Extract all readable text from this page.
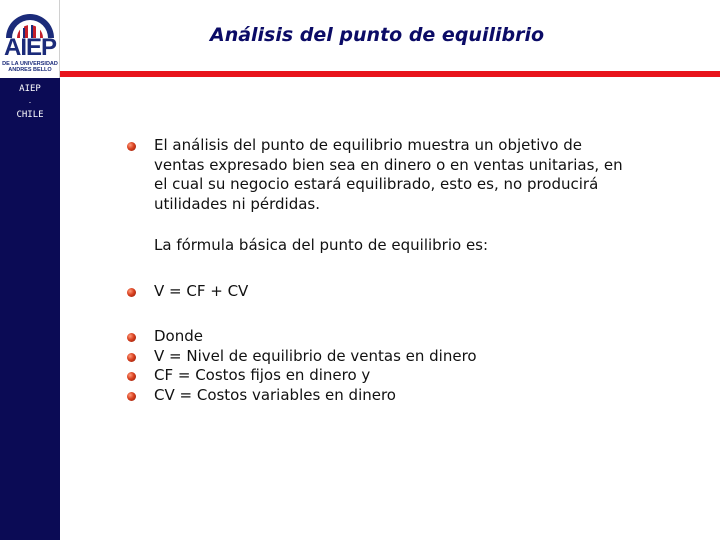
AIEP
.
CHILE
AIEP
DE LA UNIVERSIDAD
ANDRES BELLO
Análisis del punto de equilibrio
El análisis del punto de equilibrio muestra un objetivo de ventas expresado bien sea en dinero o en ventas unitarias, en el cual su negocio estará equilibrado, esto es, no producirá utilidades ni pérdidas.
La fórmula básica del punto de equilibrio es:
V = CF + CV
Donde
V = Nivel de equilibrio de ventas en dinero
CF = Costos fijos en dinero y
CV = Costos variables en dinero
